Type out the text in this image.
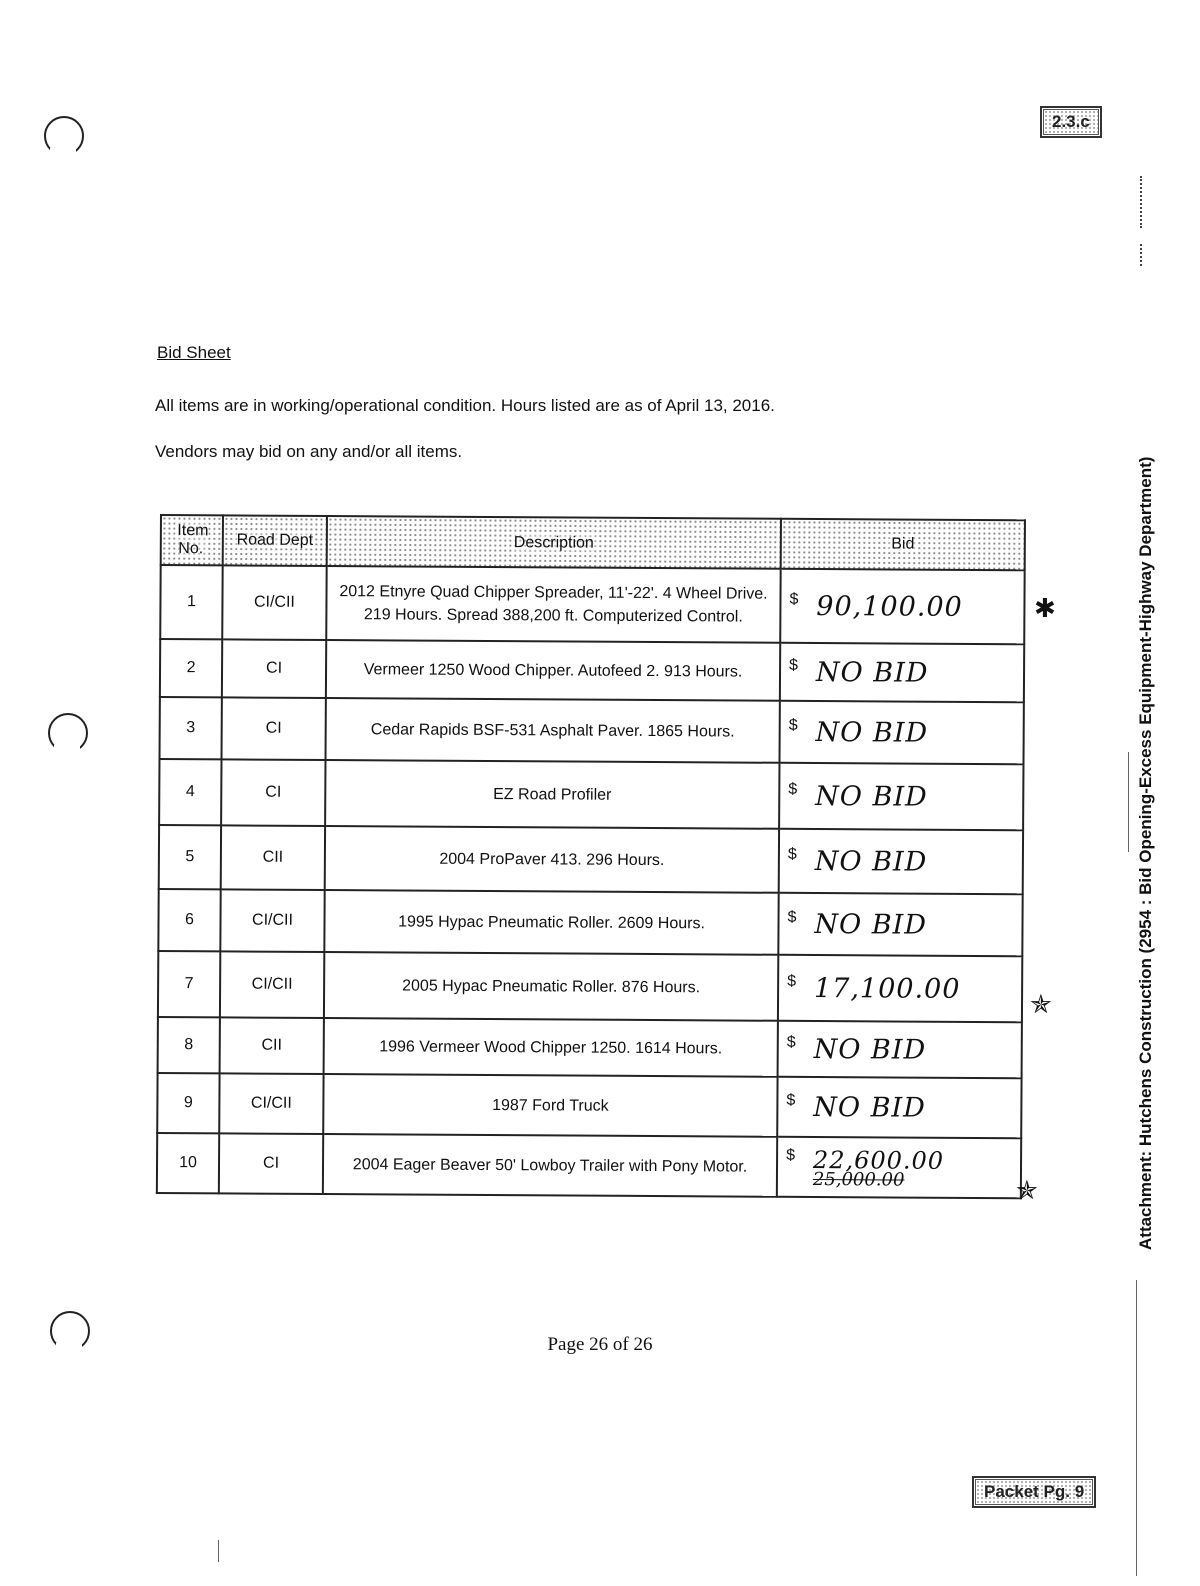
2.3.c
Packet Pg. 9
Attachment: Hutchens Construction (2954 : Bid Opening-Excess Equipment-Highway Department)
Bid Sheet
All items are in working/operational condition. Hours listed are as of April 13, 2016.
Vendors may bid on any and/or all items.
Item No.	Road Dept	Description	Bid
1	CI/CII	2012 Etnyre Quad Chipper Spreader, 11'-22'. 4 Wheel Drive. 219 Hours. Spread 388,200 ft. Computerized Control.	$ 90,100.00
2	CI	Vermeer 1250 Wood Chipper. Autofeed 2. 913 Hours.	$ NO BID
3	CI	Cedar Rapids BSF-531 Asphalt Paver. 1865 Hours.	$ NO BID
4	CI	EZ Road Profiler	$ NO BID
5	CII	2004 ProPaver 413. 296 Hours.	$ NO BID
6	CI/CII	1995 Hypac Pneumatic Roller. 2609 Hours.	$ NO BID
7	CI/CII	2005 Hypac Pneumatic Roller. 876 Hours.	$ 17,100.00
8	CII	1996 Vermeer Wood Chipper 1250. 1614 Hours.	$ NO BID
9	CI/CII	1987 Ford Truck	$ NO BID
10	CI	2004 Eager Beaver 50' Lowboy Trailer with Pony Motor.	$ 22,600.00
25,000.00
✱
✯
✯
Page 26 of 26
